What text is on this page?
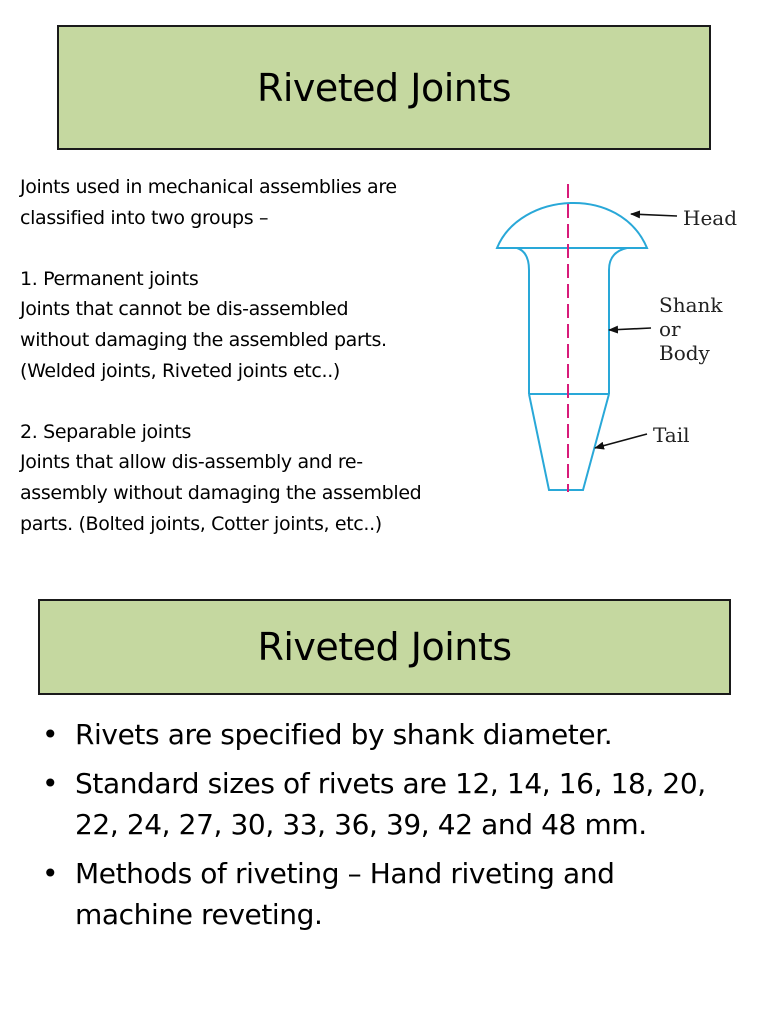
Riveted Joints
Joints used in mechanical assemblies are
classified into two groups –
1. Permanent joints
Joints that cannot be dis-assembled
without damaging the assembled parts.
(Welded joints, Riveted joints etc..)
2. Separable joints
Joints that allow dis-assembly and re-
assembly without damaging the assembled
parts. (Bolted joints, Cotter joints, etc..)
Head
Shank
or
Body
Tail
Riveted Joints
• Rivets are specified by shank diameter.
• Standard sizes of rivets are 12, 14, 16, 18, 20,
22, 24, 27, 30, 33, 36, 39, 42 and 48 mm.
• Methods of riveting – Hand riveting and
machine reveting.
